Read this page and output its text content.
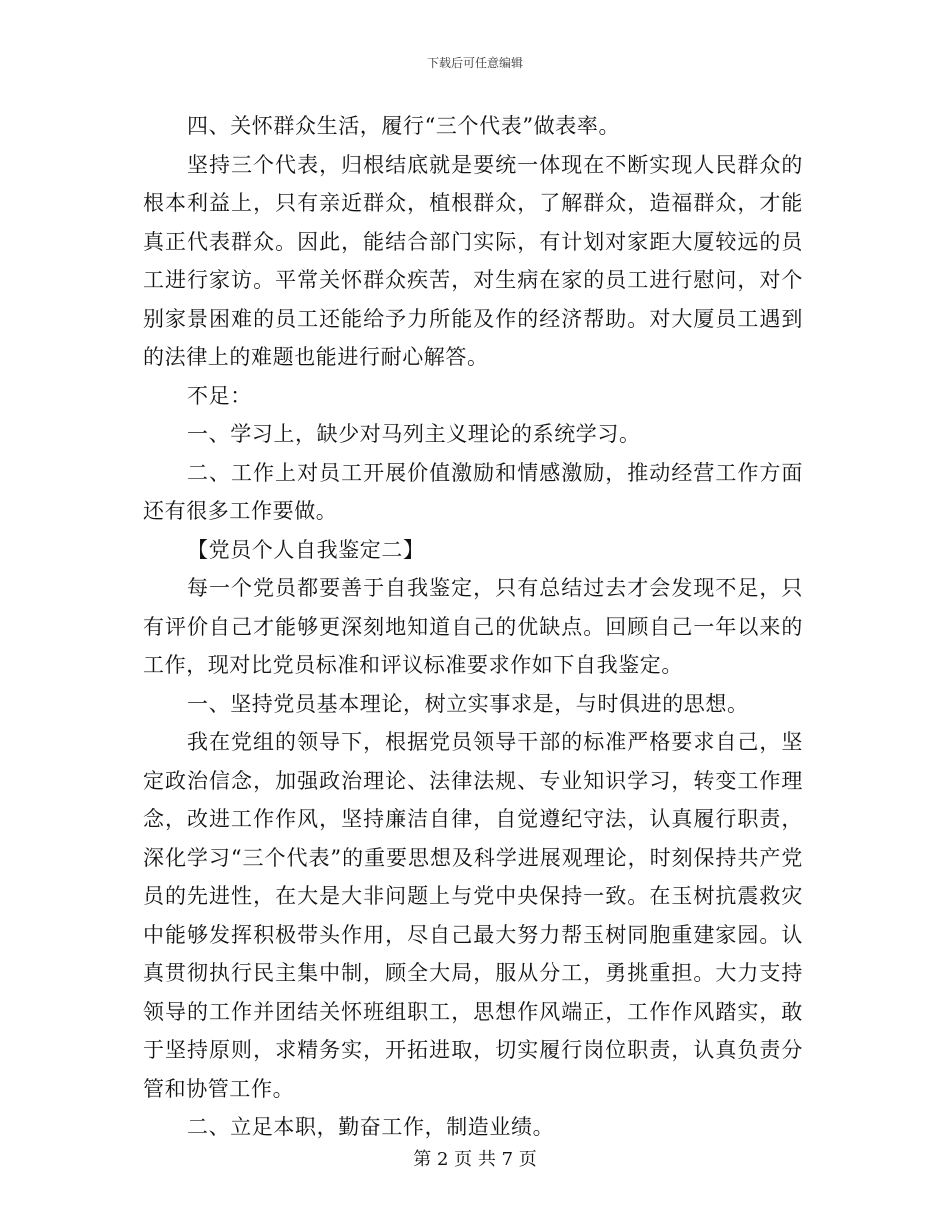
下载后可任意编辑

四、关怀群众生活，履行“三个代表”做表率。

坚持三个代表，归根结底就是要统一体现在不断实现人民群众的根本利益上，只有亲近群众，植根群众，了解群众，造福群众，才能真正代表群众。因此，能结合部门实际，有计划对家距大厦较远的员工进行家访。平常关怀群众疾苦，对生病在家的员工进行慰问，对个别家景困难的员工还能给予力所能及作的经济帮助。对大厦员工遇到的法律上的难题也能进行耐心解答。

不足：

一、学习上，缺少对马列主义理论的系统学习。

二、工作上对员工开展价值激励和情感激励，推动经营工作方面还有很多工作要做。

【党员个人自我鉴定二】

每一个党员都要善于自我鉴定，只有总结过去才会发现不足，只有评价自己才能够更深刻地知道自己的优缺点。回顾自己一年以来的工作，现对比党员标准和评议标准要求作如下自我鉴定。

一、坚持党员基本理论，树立实事求是，与时俱进的思想。

我在党组的领导下，根据党员领导干部的标准严格要求自己，坚定政治信念，加强政治理论、法律法规、专业知识学习，转变工作理念，改进工作作风，坚持廉洁自律，自觉遵纪守法，认真履行职责，深化学习“三个代表”的重要思想及科学进展观理论，时刻保持共产党员的先进性，在大是大非问题上与党中央保持一致。在玉树抗震救灾中能够发挥积极带头作用，尽自己最大努力帮玉树同胞重建家园。认真贯彻执行民主集中制，顾全大局，服从分工，勇挑重担。大力支持领导的工作并团结关怀班组职工，思想作风端正，工作作风踏实，敢于坚持原则，求精务实，开拓进取，切实履行岗位职责，认真负责分管和协管工作。

二、立足本职，勤奋工作，制造业绩。

第 2 页 共 7 页
